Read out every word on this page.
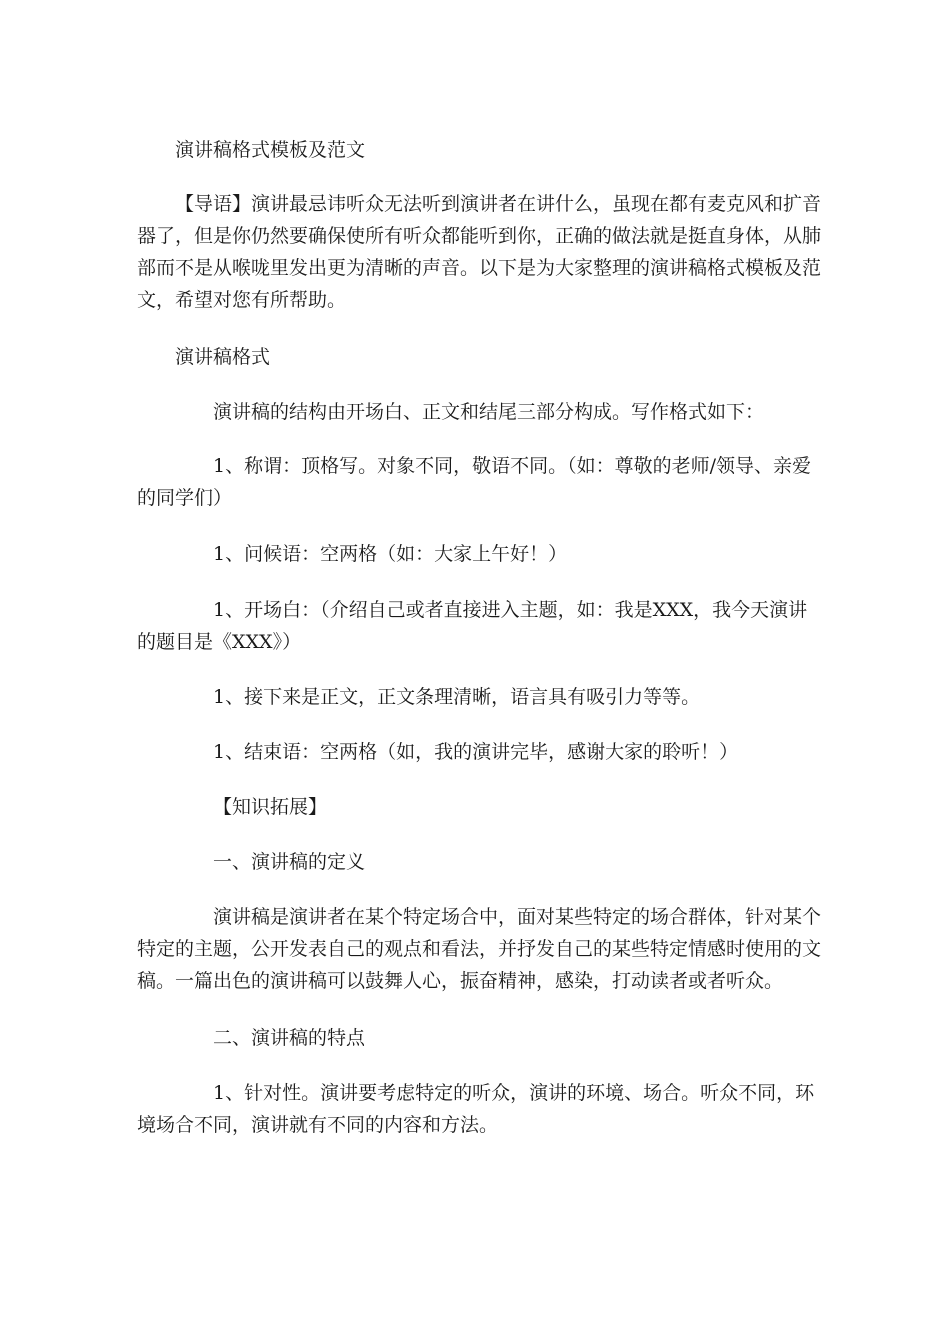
演讲稿格式模板及范文

【导语】演讲最忌讳听众无法听到演讲者在讲什么，虽现在都有麦克风和扩音器了，但是你仍然要确保使所有听众都能听到你，正确的做法就是挺直身体，从肺部而不是从喉咙里发出更为清晰的声音。以下是为大家整理的演讲稿格式模板及范文，希望对您有所帮助。

演讲稿格式

演讲稿的结构由开场白、正文和结尾三部分构成。写作格式如下：

1、称谓：顶格写。对象不同，敬语不同。（如：尊敬的老师/领导、亲爱的同学们）

1、问候语：空两格（如：大家上午好！）

1、开场白：（介绍自己或者直接进入主题，如：我是XXX，我今天演讲的题目是《XXX》）

1、接下来是正文，正文条理清晰，语言具有吸引力等等。

1、结束语：空两格（如，我的演讲完毕，感谢大家的聆听！）

【知识拓展】

一、演讲稿的定义

演讲稿是演讲者在某个特定场合中，面对某些特定的场合群体，针对某个特定的主题，公开发表自己的观点和看法，并抒发自己的某些特定情感时使用的文稿。一篇出色的演讲稿可以鼓舞人心，振奋精神，感染，打动读者或者听众。

二、演讲稿的特点

1、针对性。演讲要考虑特定的听众，演讲的环境、场合。听众不同，环境场合不同，演讲就有不同的内容和方法。
